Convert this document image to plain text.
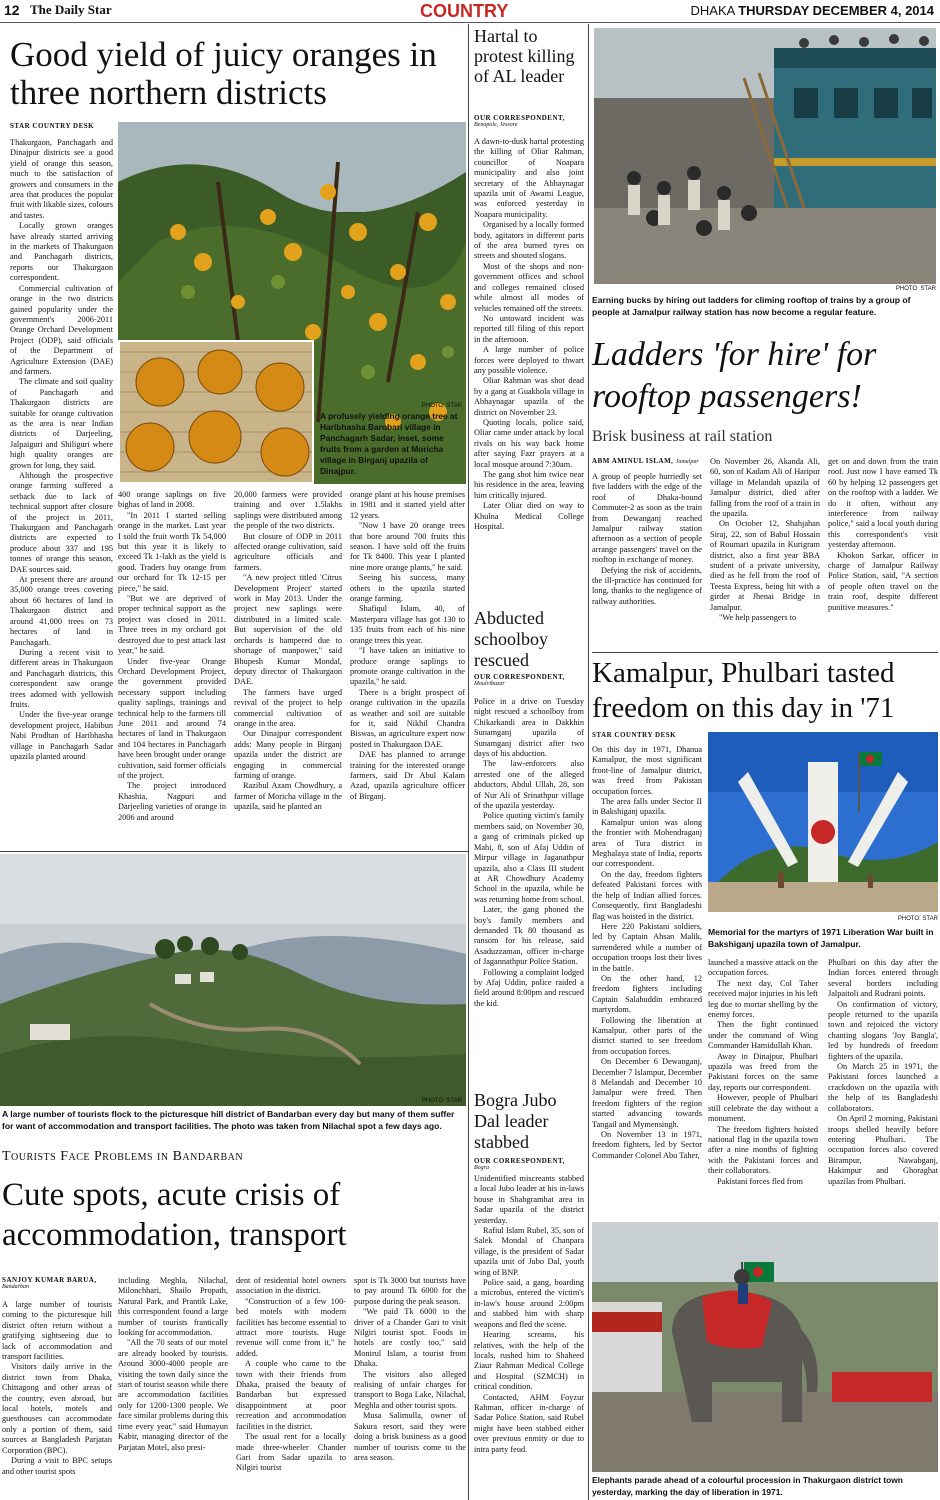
12 The Daily Star	COUNTRY	DHAKA THURSDAY DECEMBER 4, 2014
Good yield of juicy oranges in three northern districts
STAR COUNTRY DESK

Thakurgaon, Panchagarh and Dinajpur districts see a good yield of orange this season, much to the satisfaction of growers and consumers in the area that produces the popular fruit with likable sizes, colours and tastes.

Locally grown oranges have already started arriving in the markets of Thakurgaon and Panchagarh districts, reports our Thakurgaon correspondent.

Commercial cultivation of orange in the two districts gained popularity under the government's 2006-2011 Orange Orchard Development Project (ODP), said officials of the Department of Agriculture Extension (DAE) and farmers.

The climate and soil quality of Panchagarh and Thakurgaon districts are suitable for orange cultivation as the area is near Indian districts of Darjeeling, Jalpaiguri and Shiliguri where high quality oranges are grown for long, they said.

Although the prospective orange farming suffered a setback due to lack of technical support after closure of the project in 2011, Thakurgaon and Panchagarh districts are expected to produce about 337 and 195 tonnes of orange this season, DAE sources said.

At present there are around 35,000 orange trees covering about 66 hectares of land in Thakurgaon district and around 41,000 trees on 73 hectares of land in Panchagarh.

During a recent visit to different areas in Thakurgaon and Panchagarh districts, this correspondent saw orange trees adorned with yellowish fruits.

Under the five-year orange development project, Habibun Nabi Prodhan of Haribhasha village in Panchagarh Sadar upazila planted around

PHOTO: STAR
A profusely yielding orange tree at Haribhasha Barobari village in Panchagarh Sadar, inset, some fruits from a garden at Moricha village in Birganj upazila of Dinajpur.

400 orange saplings on five bighas of land in 2008.

"In 2011 I started selling orange in the market. Last year I sold the fruit worth Tk 54,000 but this year it is likely to exceed Tk 1-lakh as the yield is good. Traders buy orange from our orchard for Tk 12-15 per piece," he said.

"But we are deprived of proper technical support as the project was closed in 2011. Three trees in my orchard got destroyed due to pest attack last year," he said.

Under five-year Orange Orchard Development Project, the government provided necessary support including quality saplings, trainings and technical help to the farmers till June 2011 and around 74 hectares of land in Thakurgaon and 104 hectares in Panchagarh have been brought under orange cultivation, said former officials of the project.

The project introduced Khashia, Nagpuri and Darjeeling varieties of orange in 2006 and around

20,000 farmers were provided training and over 1.5lakhs saplings were distributed among the people of the two districts.

But closure of ODP in 2011 affected orange cultivation, said agriculture officials and farmers.

"A new project titled 'Citrus Development Project' started work in May 2013. Under the project new saplings were distributed in a limited scale. But supervision of the old orchards is hampered due to shortage of manpower," said Bhupesh Kumar Mondal, deputy director of Thakurgaon DAE.

The farmers have urged revival of the project to help commercial cultivation of orange in the area.

Our Dinajpur correspondent adds: Many people in Birganj upazila under the district are engaging in commercial farming of orange.

Razibul Azam Chowdhury, a farmer of Moricha village in the upazila, said he planted an

orange plant at his house premises in 1981 and it started yield after 12 years.

"Now I have 20 orange trees that bore around 700 fruits this season. I have sold off the fruits for Tk 8400. This year I planted nine more orange plants," he said.

Seeing his success, many others in the upazila started orange farming.

Shafiqul Islam, 40, of Masterpara village has got 130 to 135 fruits from each of his nine orange trees this year.

"I have taken an initiative to produce orange saplings to promote orange cultivation in the upazila," he said.

There is a bright prospect of orange cultivation in the upazila as weather and soil are suitable for it, said Nikhil Chandra Biswas, an agriculture expert now posted in Thakurgaon DAE.

DAE has planned to arrange training for the interested orange farmers, said Dr Abul Kalam Azad, upazila agriculture officer of Birganj.

Hartal to protest killing of AL leader
OUR CORRESPONDENT,
Benapole, Jessore

A dawn-to-dusk hartal protesting the killing of Oliar Rahman, councillor of Noapara municipality and also joint secretary of the Abhaynagar upazila unit of Awami League, was enforced yesterday in Noapara municipality.

Organised by a locally formed body, agitators in different parts of the area burned tyres on streets and shouted slogans.

Most of the shops and non-government offices and school and colleges remained closed while almost all modes of vehicles remained off the streets.

No untoward incident was reported till filing of this report in the afternoon.

A large number of police forces were deployed to thwart any possible violence.

Oliar Rahman was shot dead by a gang at Guakhola village in Abhaynagar upazila of the district on November 23.

Quoting locals, police said, Oliar came under attack by local rivals on his way back home after saying Fazr prayers at a local mosque around 7:30am.

The gang shot him twice near his residence in the area, leaving him critically injured.

Later Oliar died on way to Khulna Medical College Hospital.

Abducted schoolboy rescued
OUR CORRESPONDENT,
Moulvibazar

Police in a drive on Tuesday night rescued a schoolboy from Chikarkandi area in Dakkhin Sunamganj upazila of Sunamganj district after two days of his abduction.

The law-enforcers also arrested one of the alleged abductors, Abdul Ullah, 28, son of Nur Ali of Srinathpur village of the upazila yesterday.

Police quoting victim's family members said, on November 30, a gang of criminals picked up Mahi, 8, son of Afaj Uddin of Mirpur village in Jaganathpur upazila, also a Class III student at AR Chowdhury Academy School in the upazila, while he was returning home from school.

Later, the gang phoned the boy's family members and demanded Tk 80 thousand as ransom for his release, said Asaduzzaman, officer in-charge of Jagannathpur Police Station.

Following a complaint lodged by Afaj Uddin, police raided a field around 8:00pm and rescued the kid.

Bogra Jubo Dal leader stabbed
OUR CORRESPONDENT,
Bogra

Unidentified miscreants stabbed a local Jubo leader at his in-laws house in Shabgramhat area in Sadar upazila of the district yesterday.

Rafiul Islam Rubel, 35, son of Salek Mondal of Chanpara village, is the president of Sadar upazila unit of Jubo Dal, youth wing of BNP.

Police said, a gang, boarding a microbus, entered the victim's in-law's house around 2:00pm and stabbed him with sharp weapons and fled the scene.

Hearing screams, his relatives, with the help of the locals, rushed him to Shaheed Ziaur Rahman Medical College and Hospital (SZMCH) in critical condition.

Contacted, AHM Foyzur Rahman, officer in-charge of Sadar Police Station, said Rubel might have been stabbed either over previous enmity or due to intra party feud.

PHOTO: STAR
Earning bucks by hiring out ladders for climing rooftop of trains by a group of people at Jamalpur railway station has now become a regular feature.
Ladders 'for hire' for rooftop passengers!
Brisk business at rail station
ABM AMINUL ISLAM, Jamalpur

A group of people hurriedly set five ladders with the edge of the roof of Dhaka-bound Commuter-2 as soon as the train from Dewanganj reached Jamalpur railway station afternoon as a section of people arrange passengers' travel on the rooftop in exchange of money.

Defying the risk of accidents, the ill-practice has continued for long, thanks to the negligence of railway authorities.

On November 26, Akanda Ali, 60, son of Kadam Ali of Haripur village in Melandah upazila of Jamalpur district, died after falling from the roof of a train in the upazila.

On October 12, Shahjahan Siraj, 22, son of Babul Hossain of Roumari upazila in Kurigram district, also a first year BBA student of a private university, died as he fell from the roof of Teesta Express, being hit with a girder at Jhenai Bridge in Jamalpur.

"We help passengers to

get on and down from the train roof. Just now I have earned Tk 60 by helping 12 passengers get on the rooftop with a ladder. We do it often, without any interference from railway police," said a local youth during this correspondent's visit yesterday afternoon.

Khokon Sarkar, officer in charge of Jamalpur Railway Police Station, said, "A section of people often travel on the train roof, despite different punitive measures."

Kamalpur, Phulbari tasted freedom on this day in '71
STAR COUNTRY DESK

On this day in 1971, Dhanua Kamalpur, the most significant front-line of Jamalpur district, was freed from Pakistan occupation forces.

The area falls under Sector II in Bakshiganj upazila.

Kamalpur union was along the frontier with Mohendraganj area of Tura district in Meghalaya state of India, reports our correspondent.

On the day, freedom fighters defeated Pakistani forces with the help of Indian allied forces. Consequently, first Bangladeshi flag was hoisted in the district.

Here 220 Pakistani soldiers, led by Captain Ahsan Malik, surrendered while a number of occupation troops lost their lives in the battle.

On the other hand, 12 freedom fighters including Captain Salahuddin embraced martyrdom.

Following the liberation at Kamalpur, other parts of the district started to see freedom from occupation forces.

On December 6 Dewanganj, December 7 Islampur, December 8 Melandah and December 10 Jamalpur were freed. Then freedom fighters of the region started advancing towards Tangail and Mymensingh.

On November 13 in 1971, freedom fighters, led by Sector Commander Colonel Abu Taher,

PHOTO: STAR
Memorial for the martyrs of 1971 Liberation War built in Bakshiganj upazila town of Jamalpur.

launched a massive attack on the occupation forces.

The next day, Col Taher received major injuries in his left leg due to mortar shelling by the enemy forces.

Then the fight continued under the command of Wing Commander Hamidullah Khan.

Away in Dinajpur, Phulbari upazila was freed from the Pakistani forces on the same day, reports our correspondent.

However, people of Phulbari still celebrate the day without a monument.

The freedom fighters hoisted national flag in the upazila town after a nine months of fighting with the Pakistani forces and their collaborators.

Pakistani forces fled from

Phulbari on this day after the Indian forces entered through several borders including Jalpaitoli and Rudrani points.

On confirmation of victory, people returned to the upazila town and rejoiced the victory chanting slogans 'Joy Bangla', led by hundreds of freedom fighters of the upazila.

On March 25 in 1971, the Pakistani forces launched a crackdown on the upazila with the help of its Bangladeshi collaborators.

On April 2 morning, Pakistani troops shelled heavily before entering Phulbari. The occupation forces also covered Birampur, Nawabganj, Hakimpur and Ghoraghat upazilas from Phulbari.

Elephants parade ahead of a colourful procession in Thakurgaon district town yesterday, marking the day of liberation in 1971.
PHOTO: STAR
A large number of tourists flock to the picturesque hill district of Bandarban every day but many of them suffer for want of accommodation and transport facilities. The photo was taken from Nilachal spot a few days ago.
Tourists Face Problems in Bandarban
Cute spots, acute crisis of accommodation, transport
SANJOY KUMAR BARUA,
Bandarban

A large number of tourists coming to the picturesque hill district often return without a gratifying sightseeing due to lack of accommodation and transport facilities.

Visitors daily arrive in the district town from Dhaka, Chittagong and other areas of the country, even abroad, but local hotels, motels and guesthouses can accommodate only a portion of them, said sources at Bangladesh Parjatan Corporation (BPC).

During a visit to BPC setups and other tourist spots

including Meghla, Nilachal, Milonchhari, Shailo Propath, Natural Park, and Prantik Lake, this correspondent found a large number of tourists frantically looking for accommodation.

"All the 70 seats of our motel are already booked by tourists. Around 3000-4000 people are visiting the town daily since the start of tourist season while there are accommodation facilities only for 1200-1300 people. We face similar problems during this time every year," said Humayun Kabir, managing director of the Parjatan Motel, also presi-

dent of residential hotel owners association in the district.

"Construction of a few 100-bed motels with modern facilities has become essential to attract more tourists. Huge revenue will come from it," he added.

A couple who came to the town with their friends from Dhaka, praised the beauty of Bandarban but expressed disappointment at poor recreation and accommodation facilities in the district.

The usual rent for a locally made three-wheeler Chander Gari from Sadar upazila to Nilgiri tourist

spot is Tk 3000 but tourists have to pay around Tk 6000 for the purpose during the peak season.

"We paid Tk 6000 to the driver of a Chander Gari to visit Nilgiri tourist spot. Foods in hotels are costly too," said Monirul Islam, a tourist from Dhaka.

The visitors also alleged realising of unfair charges for transport to Boga Lake, Nilachal, Meghla and other tourist spots.

Musa Salimulla, owner of Sakura resort, said they were doing a brisk business as a good number of tourists come to the area season.
